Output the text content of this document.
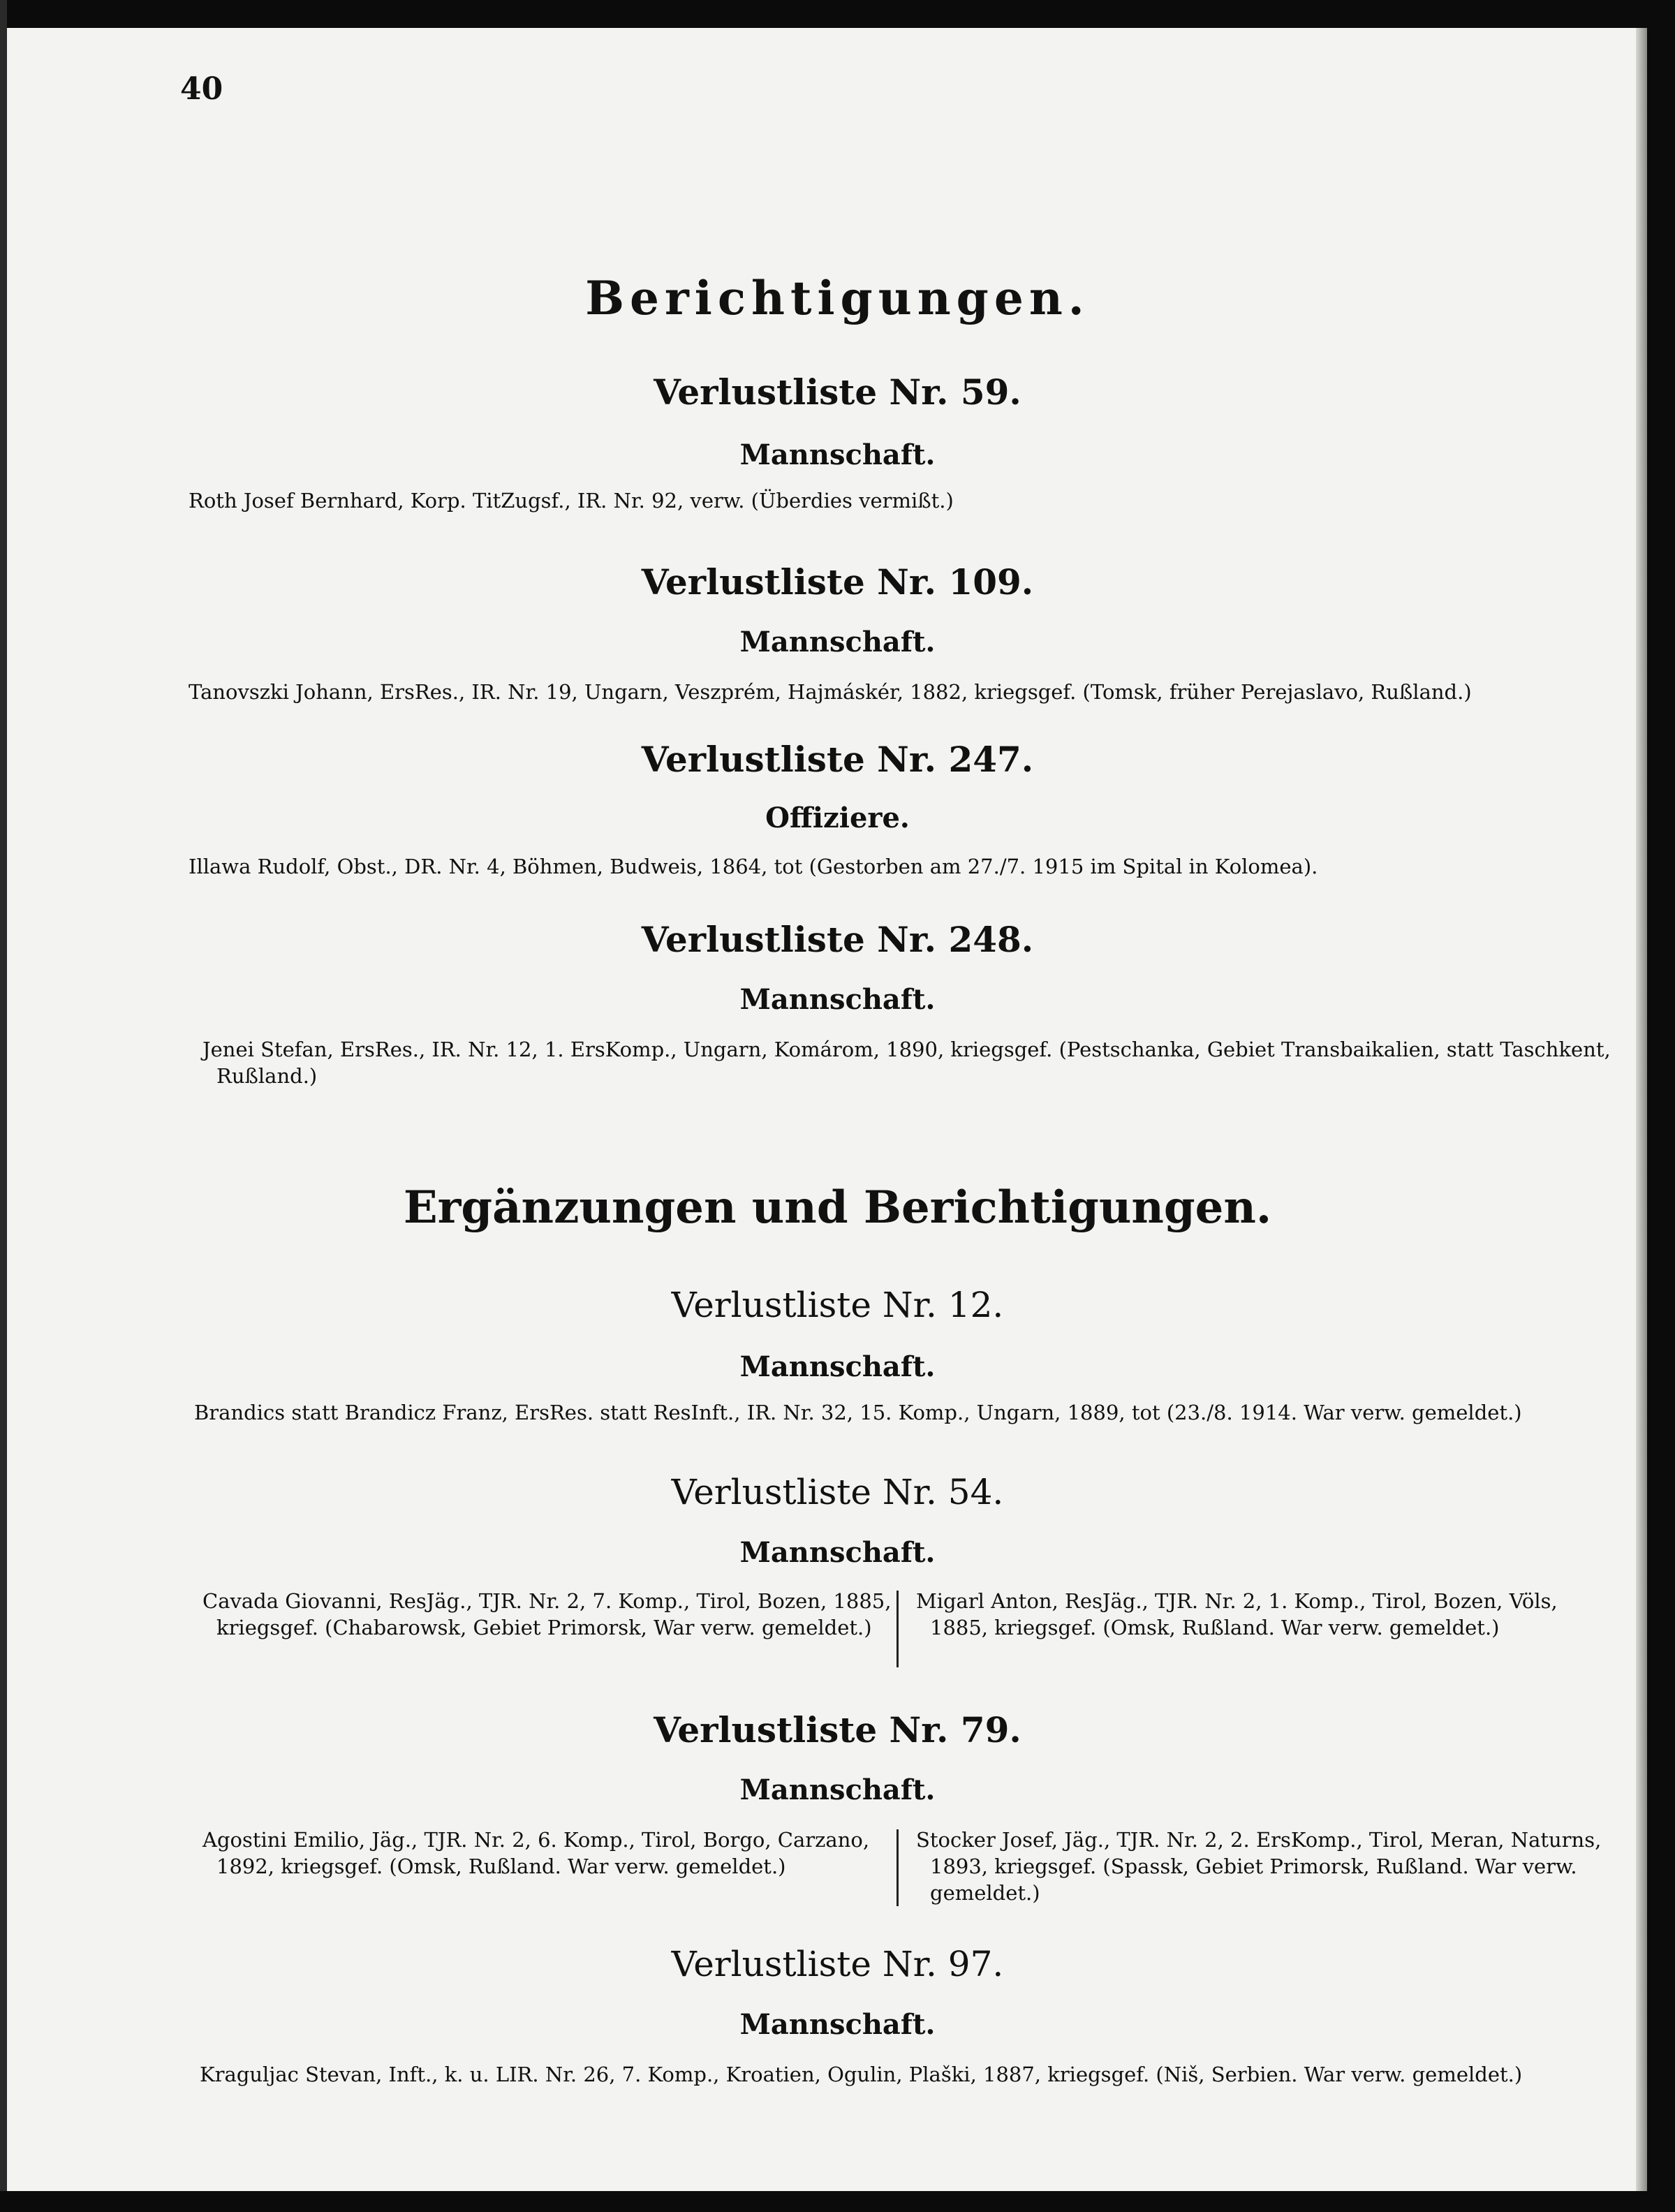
40
Berichtigungen.
Verlustliste Nr. 59.
Mannschaft.
Roth Josef Bernhard, Korp. TitZugsf., IR. Nr. 92, verw. (Überdies vermißt.)
Verlustliste Nr. 109.
Mannschaft.
Tanovszki Johann, ErsRes., IR. Nr. 19, Ungarn, Veszprém, Hajmáskér, 1882, kriegsgef. (Tomsk, früher Perejaslavo, Rußland.)
Verlustliste Nr. 247.
Offiziere.
Illawa Rudolf, Obst., DR. Nr. 4, Böhmen, Budweis, 1864, tot (Gestorben am 27./7. 1915 im Spital in Kolomea).
Verlustliste Nr. 248.
Mannschaft.
Jenei Stefan, ErsRes., IR. Nr. 12, 1. ErsKomp., Ungarn, Komárom, 1890, kriegsgef. (Pestschanka, Gebiet Transbaikalien, statt Taschkent, Rußland.)
Ergänzungen und Berichtigungen.
Verlustliste Nr. 12.
Mannschaft.
Brandics statt Brandicz Franz, ErsRes. statt ResInft., IR. Nr. 32, 15. Komp., Ungarn, 1889, tot (23./8. 1914. War verw. gemeldet.)
Verlustliste Nr. 54.
Mannschaft.
Cavada Giovanni, ResJäg., TJR. Nr. 2, 7. Komp., Tirol, Bozen, 1885, kriegsgef. (Chabarowsk, Gebiet Primorsk, War verw. gemeldet.)
Migarl Anton, ResJäg., TJR. Nr. 2, 1. Komp., Tirol, Bozen, Völs, 1885, kriegsgef. (Omsk, Rußland. War verw. gemeldet.)
Verlustliste Nr. 79.
Mannschaft.
Agostini Emilio, Jäg., TJR. Nr. 2, 6. Komp., Tirol, Borgo, Carzano, 1892, kriegsgef. (Omsk, Rußland. War verw. gemeldet.)
Stocker Josef, Jäg., TJR. Nr. 2, 2. ErsKomp., Tirol, Meran, Naturns, 1893, kriegsgef. (Spassk, Gebiet Primorsk, Rußland. War verw. gemeldet.)
Verlustliste Nr. 97.
Mannschaft.
Kraguljac Stevan, Inft., k. u. LIR. Nr. 26, 7. Komp., Kroatien, Ogulin, Plaški, 1887, kriegsgef. (Niš, Serbien. War verw. gemeldet.)
